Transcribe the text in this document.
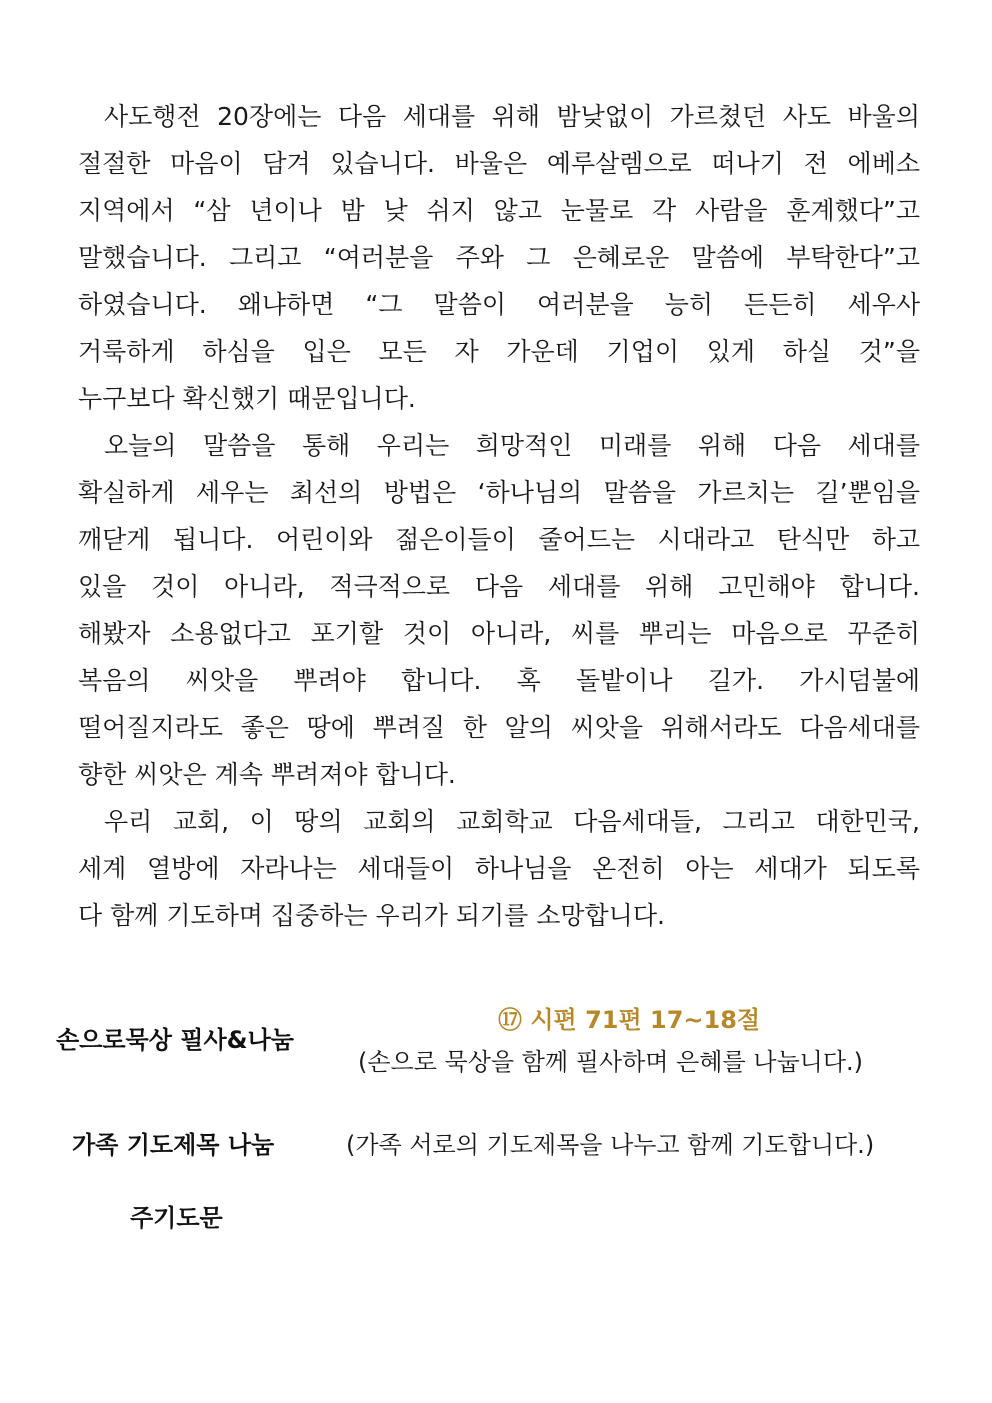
사도행전 20장에는 다음 세대를 위해 밤낮없이 가르쳤던 사도 바울의
절절한 마음이 담겨 있습니다. 바울은 예루살렘으로 떠나기 전 에베소
지역에서 “삼 년이나 밤 낮 쉬지 않고 눈물로 각 사람을 훈계했다”고
말했습니다. 그리고 “여러분을 주와 그 은혜로운 말씀에 부탁한다”고
하였습니다. 왜냐하면 “그 말씀이 여러분을 능히 든든히 세우사
거룩하게 하심을 입은 모든 자 가운데 기업이 있게 하실 것”을
누구보다 확신했기 때문입니다.
오늘의 말씀을 통해 우리는 희망적인 미래를 위해 다음 세대를
확실하게 세우는 최선의 방법은 ‘하나님의 말씀을 가르치는 길’뿐임을
깨닫게 됩니다. 어린이와 젊은이들이 줄어드는 시대라고 탄식만 하고
있을 것이 아니라, 적극적으로 다음 세대를 위해 고민해야 합니다.
해봤자 소용없다고 포기할 것이 아니라, 씨를 뿌리는 마음으로 꾸준히
복음의 씨앗을 뿌려야 합니다. 혹 돌밭이나 길가. 가시덤불에
떨어질지라도 좋은 땅에 뿌려질 한 알의 씨앗을 위해서라도 다음세대를
향한 씨앗은 계속 뿌려져야 합니다.
우리 교회, 이 땅의 교회의 교회학교 다음세대들, 그리고 대한민국,
세계 열방에 자라나는 세대들이 하나님을 온전히 아는 세대가 되도록
다 함께 기도하며 집중하는 우리가 되기를 소망합니다.
손으로묵상 필사&나눔
⑰ 시편 71편 17~18절
(손으로 묵상을 함께 필사하며 은혜를 나눕니다.)
가족 기도제목 나눔	(가족 서로의 기도제목을 나누고 함께 기도합니다.)
주기도문
